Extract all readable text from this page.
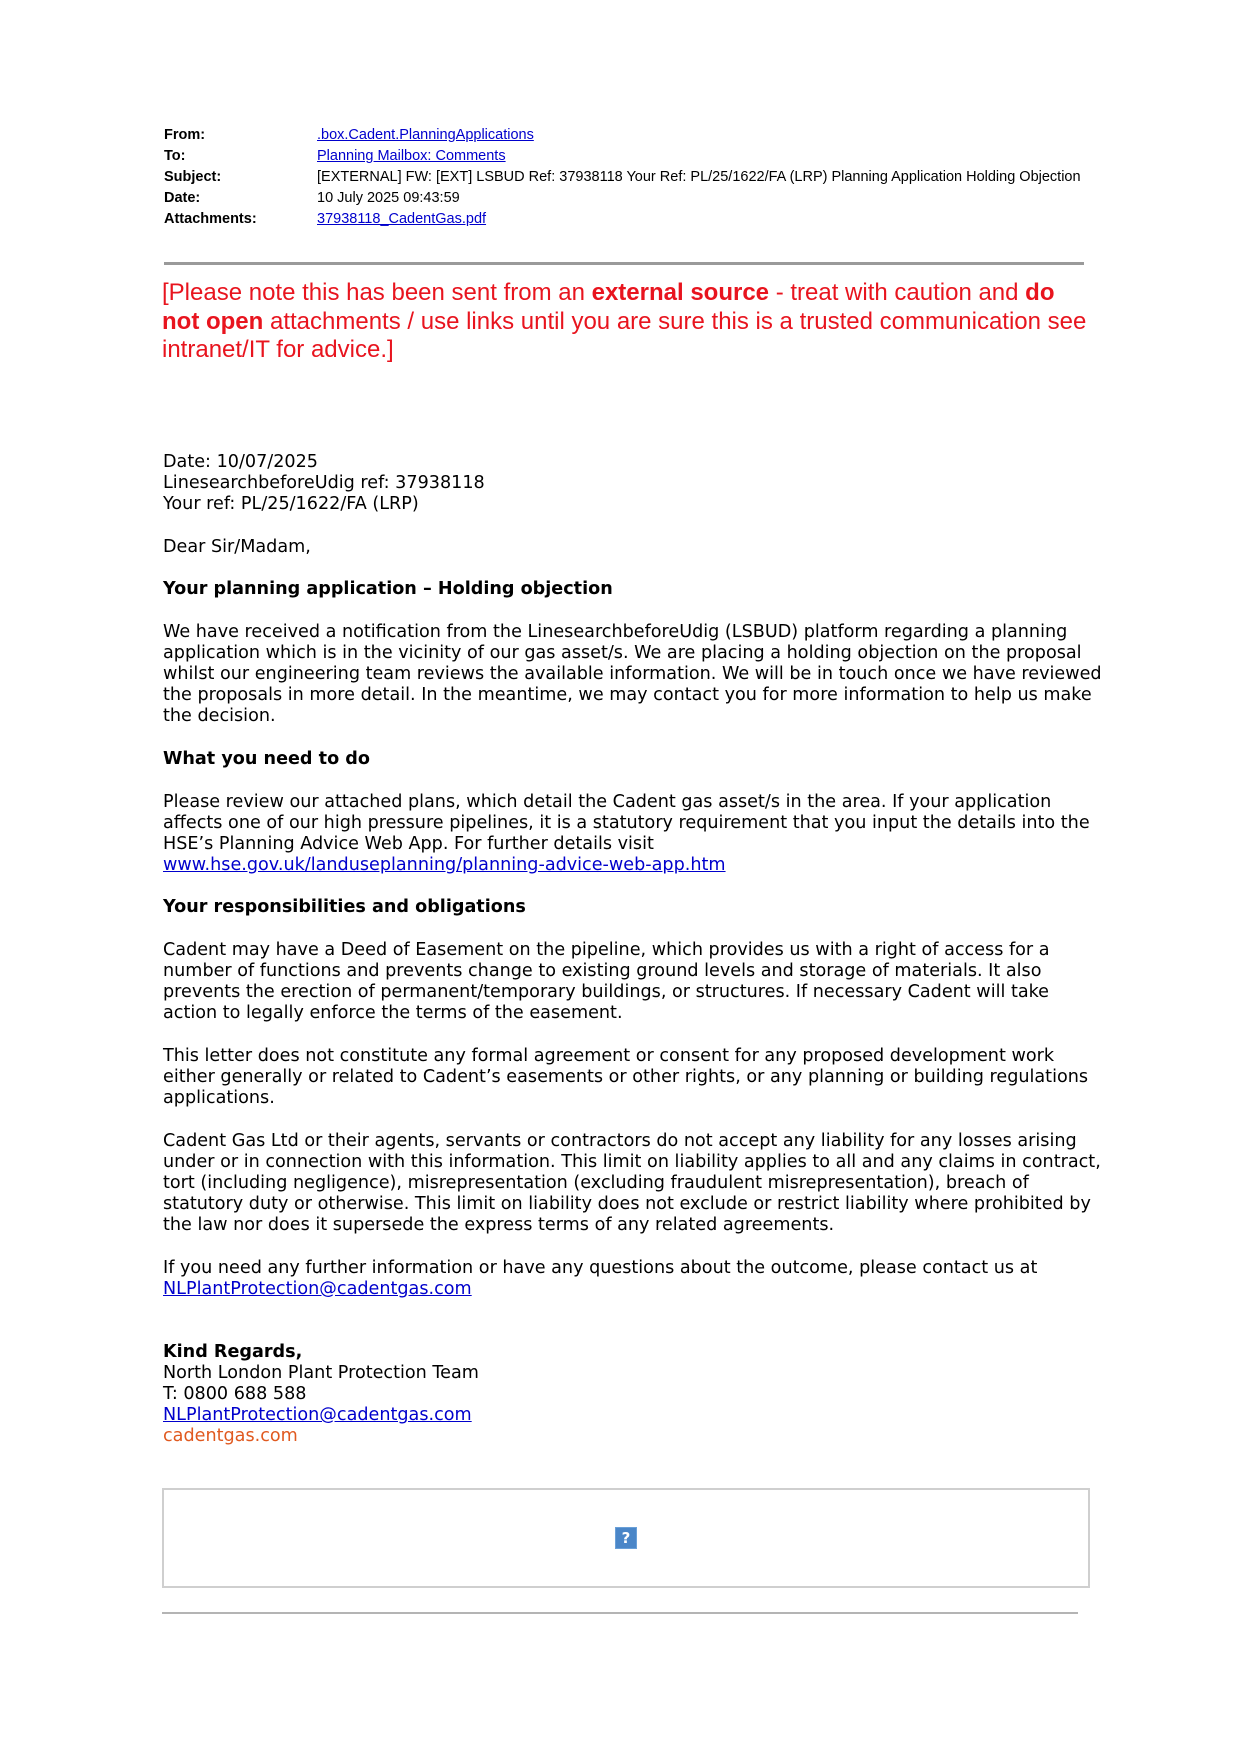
From:	.box.Cadent.PlanningApplications
To:	Planning Mailbox: Comments
Subject:	[EXTERNAL] FW: [EXT] LSBUD Ref: 37938118 Your Ref: PL/25/1622/FA (LRP) Planning Application Holding Objection
Date:	10 July 2025 09:43:59
Attachments:	37938118_CadentGas.pdf
[Please note this has been sent from an external source - treat with caution and do not open attachments / use links until you are sure this is a trusted communication see intranet/IT for advice.]

Date: 10/07/2025
LinesearchbeforeUdig ref: 37938118
Your ref: PL/25/1622/FA (LRP)

Dear Sir/Madam,

Your planning application – Holding objection

We have received a notification from the LinesearchbeforeUdig (LSBUD) platform regarding a planning application which is in the vicinity of our gas asset/s. We are placing a holding objection on the proposal whilst our engineering team reviews the available information. We will be in touch once we have reviewed the proposals in more detail. In the meantime, we may contact you for more information to help us make the decision.

What you need to do

Please review our attached plans, which detail the Cadent gas asset/s in the area. If your application affects one of our high pressure pipelines, it is a statutory requirement that you input the details into the HSE’s Planning Advice Web App. For further details visit
www.hse.gov.uk/landuseplanning/planning-advice-web-app.htm

Your responsibilities and obligations

Cadent may have a Deed of Easement on the pipeline, which provides us with a right of access for a number of functions and prevents change to existing ground levels and storage of materials. It also prevents the erection of permanent/temporary buildings, or structures. If necessary Cadent will take action to legally enforce the terms of the easement.

This letter does not constitute any formal agreement or consent for any proposed development work either generally or related to Cadent’s easements or other rights, or any planning or building regulations applications.

Cadent Gas Ltd or their agents, servants or contractors do not accept any liability for any losses arising under or in connection with this information. This limit on liability applies to all and any claims in contract, tort (including negligence), misrepresentation (excluding fraudulent misrepresentation), breach of statutory duty or otherwise. This limit on liability does not exclude or restrict liability where prohibited by the law nor does it supersede the express terms of any related agreements.

If you need any further information or have any questions about the outcome, please contact us at
NLPlantProtection@cadentgas.com

Kind Regards,
North London Plant Protection Team
T: 0800 688 588
NLPlantProtection@cadentgas.com
cadentgas.com
?
